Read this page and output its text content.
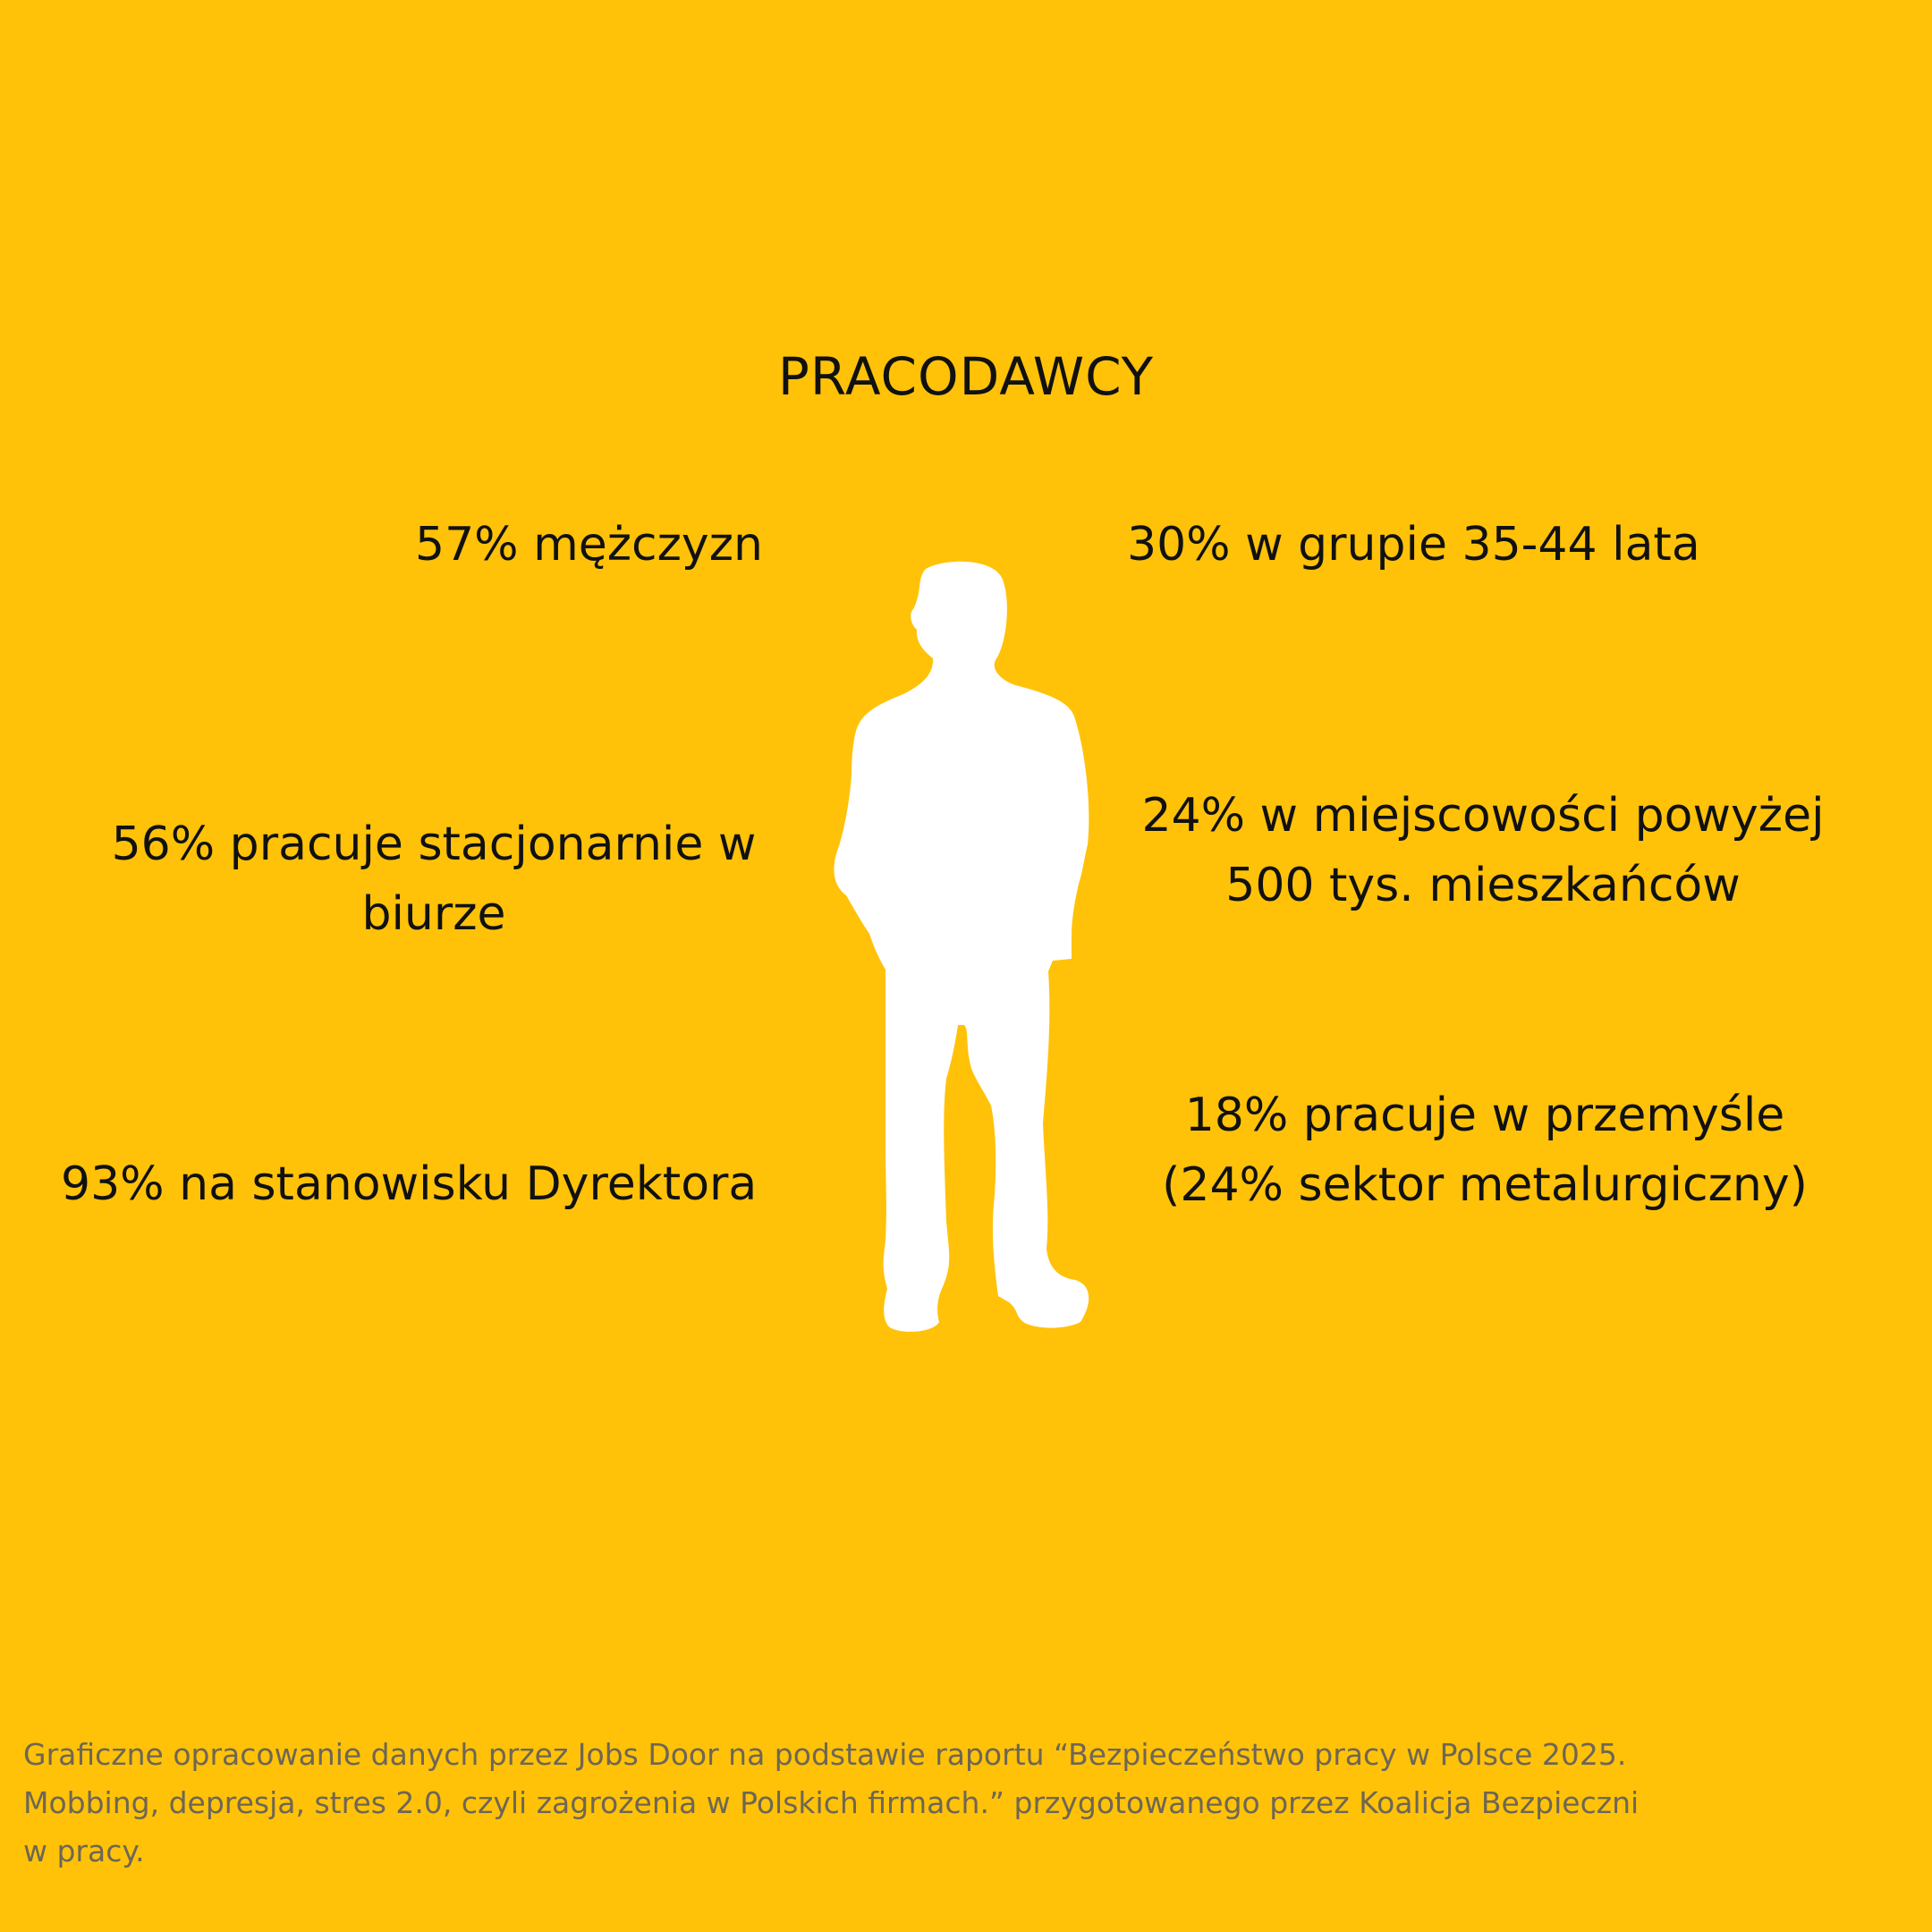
PRACODAWCY
57% mężczyzn	30% w grupie 35-44 lata
56% pracuje stacjonarnie w
biurze
24% w miejscowości powyżej
500 tys. mieszkańców
93% na stanowisku Dyrektora
18% pracuje w przemyśle
(24% sektor metalurgiczny)
Graficzne opracowanie danych przez Jobs Door na podstawie raportu “Bezpieczeństwo pracy w Polsce 2025.
Mobbing, depresja, stres 2.0, czyli zagrożenia w Polskich firmach.” przygotowanego przez Koalicja Bezpieczni
w pracy.
